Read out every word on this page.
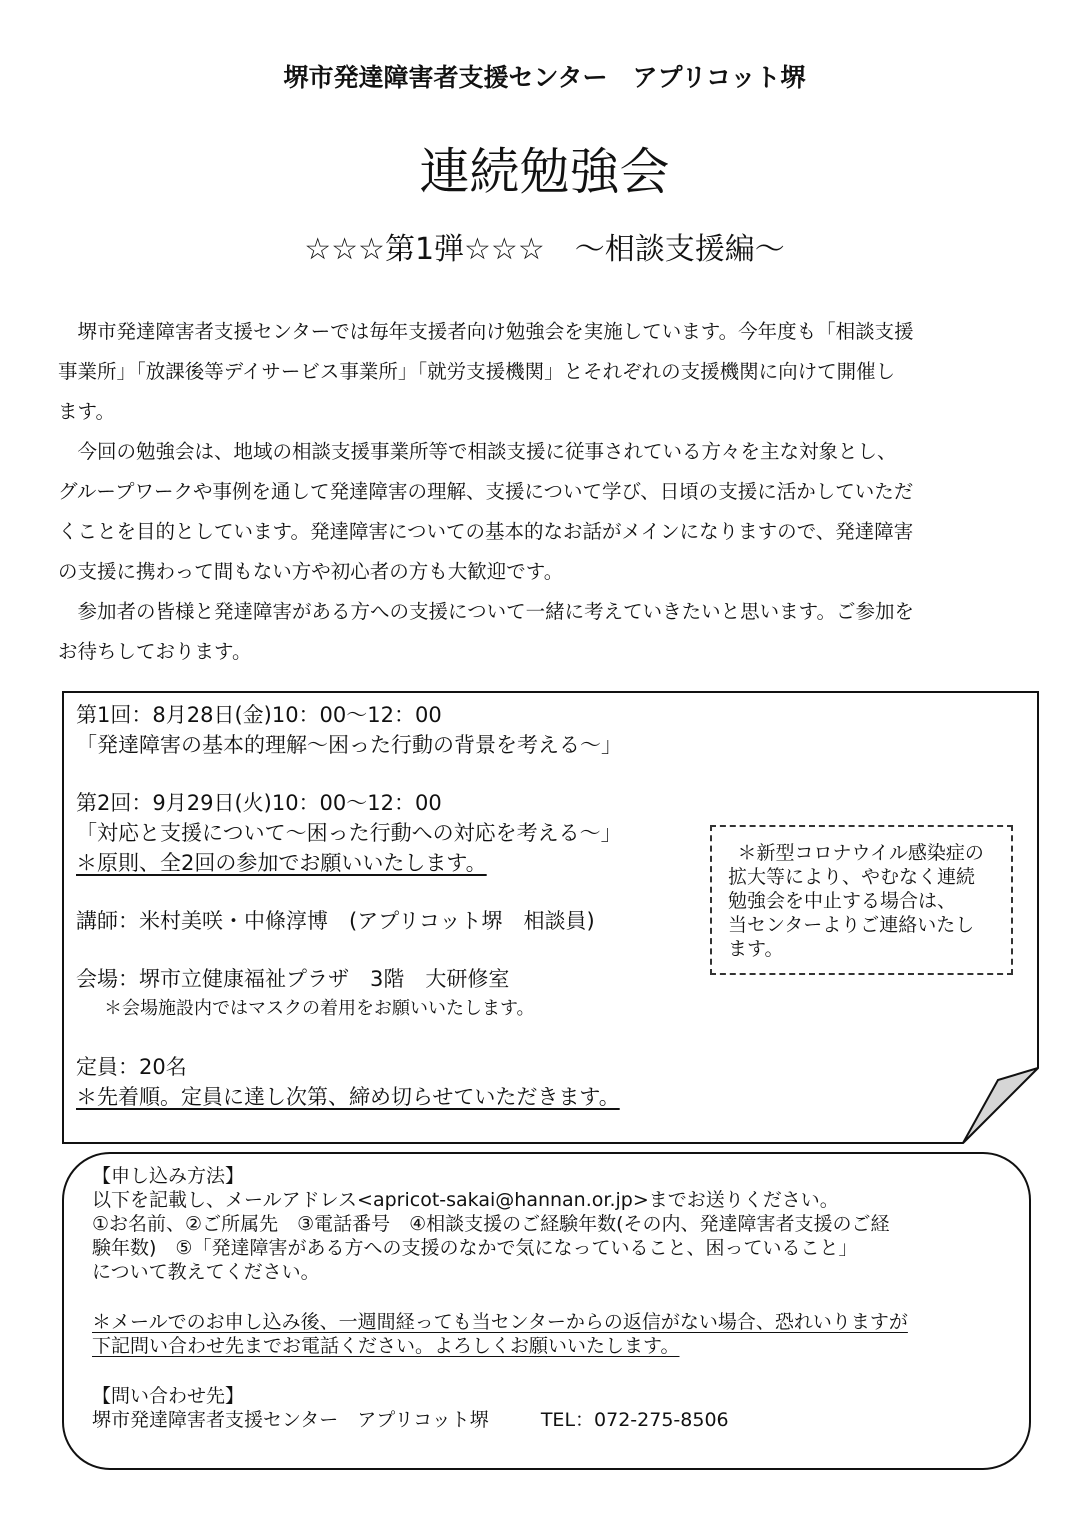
堺市発達障害者支援センター　アプリコット堺
連続勉強会
☆☆☆第1弾☆☆☆　～相談支援編～
堺市発達障害者支援センターでは毎年支援者向け勉強会を実施しています。今年度も「相談支援
事業所」「放課後等デイサービス事業所」「就労支援機関」とそれぞれの支援機関に向けて開催し
ます。
今回の勉強会は、地域の相談支援事業所等で相談支援に従事されている方々を主な対象とし、
グループワークや事例を通して発達障害の理解、支援について学び、日頃の支援に活かしていただ
くことを目的としています。発達障害についての基本的なお話がメインになりますので、発達障害
の支援に携わって間もない方や初心者の方も大歓迎です。
参加者の皆様と発達障害がある方への支援について一緒に考えていきたいと思います。ご参加を
お待ちしております。
第1回：8月28日(金)10：00～12：00
「発達障害の基本的理解～困った行動の背景を考える～」
第2回：9月29日(火)10：00～12：00
「対応と支援について～困った行動への対応を考える～」
＊原則、全2回の参加でお願いいたします。
講師：米村美咲・中條淳博　(アプリコット堺　相談員)
会場：堺市立健康福祉プラザ　3階　大研修室
＊会場施設内ではマスクの着用をお願いいたします。
定員：20名
＊先着順。定員に達し次第、締め切らせていただきます。
＊新型コロナウイル感染症の
拡大等により、やむなく連続
勉強会を中止する場合は、
当センターよりご連絡いたし
ます。
【申し込み方法】
以下を記載し、メールアドレス<apricot-sakai@hannan.or.jp>までお送りください。
①お名前、②ご所属先　③電話番号　④相談支援のご経験年数(その内、発達障害者支援のご経
験年数)　⑤「発達障害がある方への支援のなかで気になっていること、困っていること」
について教えてください。
＊メールでのお申し込み後、一週間経っても当センターからの返信がない場合、恐れいりますが
下記問い合わせ先までお電話ください。よろしくお願いいたします。
【問い合わせ先】
堺市発達障害者支援センター　アプリコット堺	TEL：072-275-8506
